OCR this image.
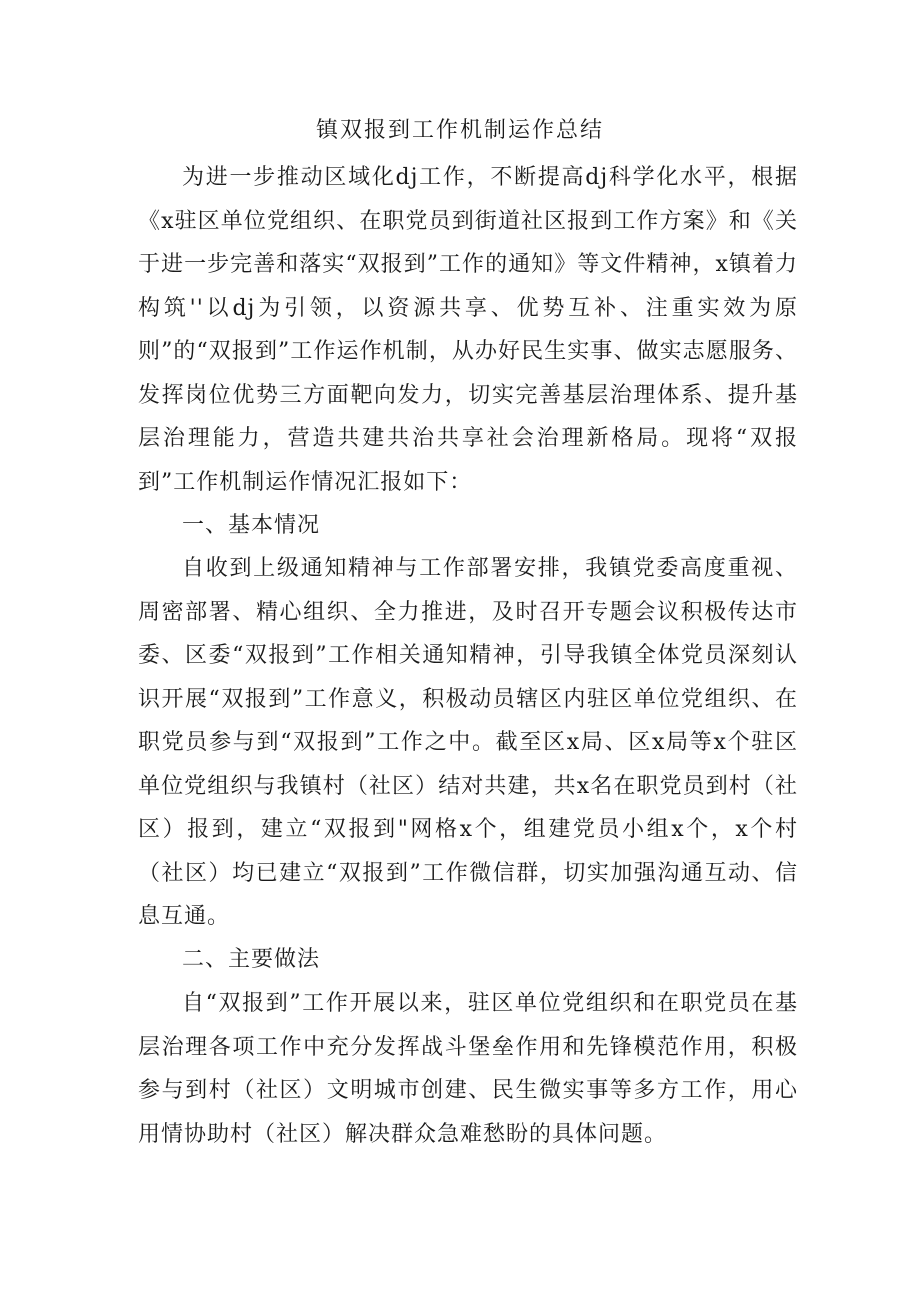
镇双报到工作机制运作总结

为进一步推动区域化dj工作，不断提高dj科学化水平，根据《x驻区单位党组织、在职党员到街道社区报到工作方案》和《关于进一步完善和落实“双报到”工作的通知》等文件精神，x镇着力构筑''以dj为引领，以资源共享、优势互补、注重实效为原则”的“双报到”工作运作机制，从办好民生实事、做实志愿服务、发挥岗位优势三方面靶向发力，切实完善基层治理体系、提升基层治理能力，营造共建共治共享社会治理新格局。现将“双报到”工作机制运作情况汇报如下：

一、基本情况

自收到上级通知精神与工作部署安排，我镇党委高度重视、周密部署、精心组织、全力推进，及时召开专题会议积极传达市委、区委“双报到”工作相关通知精神，引导我镇全体党员深刻认识开展“双报到”工作意义，积极动员辖区内驻区单位党组织、在职党员参与到“双报到”工作之中。截至区x局、区x局等x个驻区单位党组织与我镇村（社区）结对共建，共x名在职党员到村（社区）报到，建立“双报到"网格x个，组建党员小组x个，x个村（社区）均已建立“双报到”工作微信群，切实加强沟通互动、信息互通。

二、主要做法

自“双报到”工作开展以来，驻区单位党组织和在职党员在基层治理各项工作中充分发挥战斗堡垒作用和先锋模范作用，积极参与到村（社区）文明城市创建、民生微实事等多方工作，用心用情协助村（社区）解决群众急难愁盼的具体问题。
